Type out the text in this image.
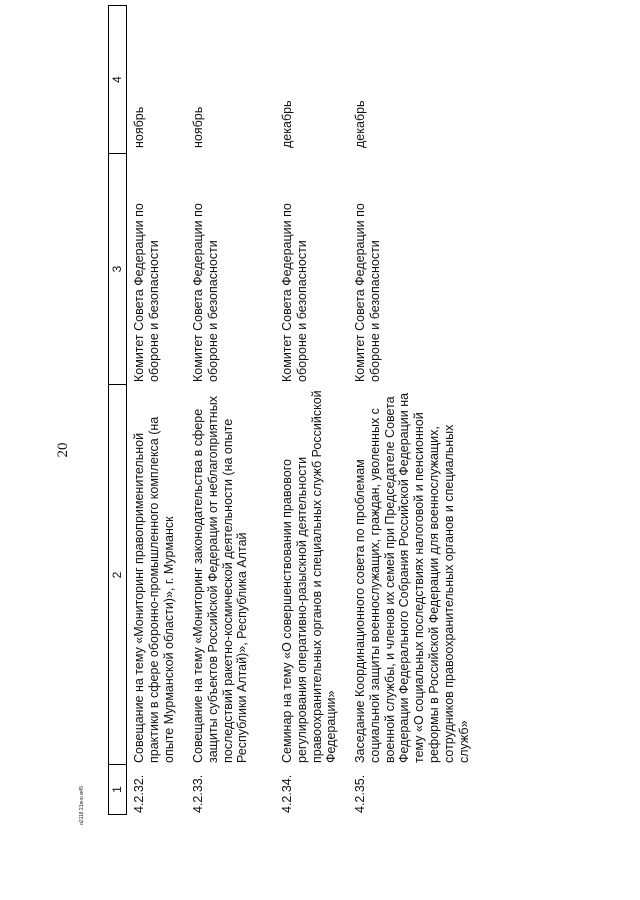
20
1
2
3
4
4.2.32.
Совещание на тему «Мониторинг правоприменительной практики в сфере оборонно-промышленного комплекса (на опыте Мурманской области)», г. Мурманск
Комитет Совета Федерации по обороне и безопасности
ноябрь
4.2.33.
Совещание на тему «Мониторинг законодательства в сфере защиты субъектов Российской Федерации от неблагоприятных последствий ракетно-космической деятельности (на опыте Республики Алтай)», Республика Алтай
Комитет Совета Федерации по обороне и безопасности
ноябрь
4.2.34.
Семинар на тему «О совершенствовании правового регулирования оперативно-разыскной деятельности правоохранительных органов и специальных служб Российской Федерации»
Комитет Совета Федерации по обороне и безопасности
декабрь
4.2.35.
Заседание Координационного совета по проблемам социальной защиты военнослужащих, граждан, уволенных с военной службы, и членов их семей при Председателе Совета Федерации Федерального Собрания Российской Федерации на тему «О социальных последствиях налоговой и пенсионной реформы в Российской Федерации для военнослужащих, сотрудников правоохранительных органов и специальных служб»
Комитет Совета Федерации по обороне и безопасности
декабрь
и2118 21вно м45
